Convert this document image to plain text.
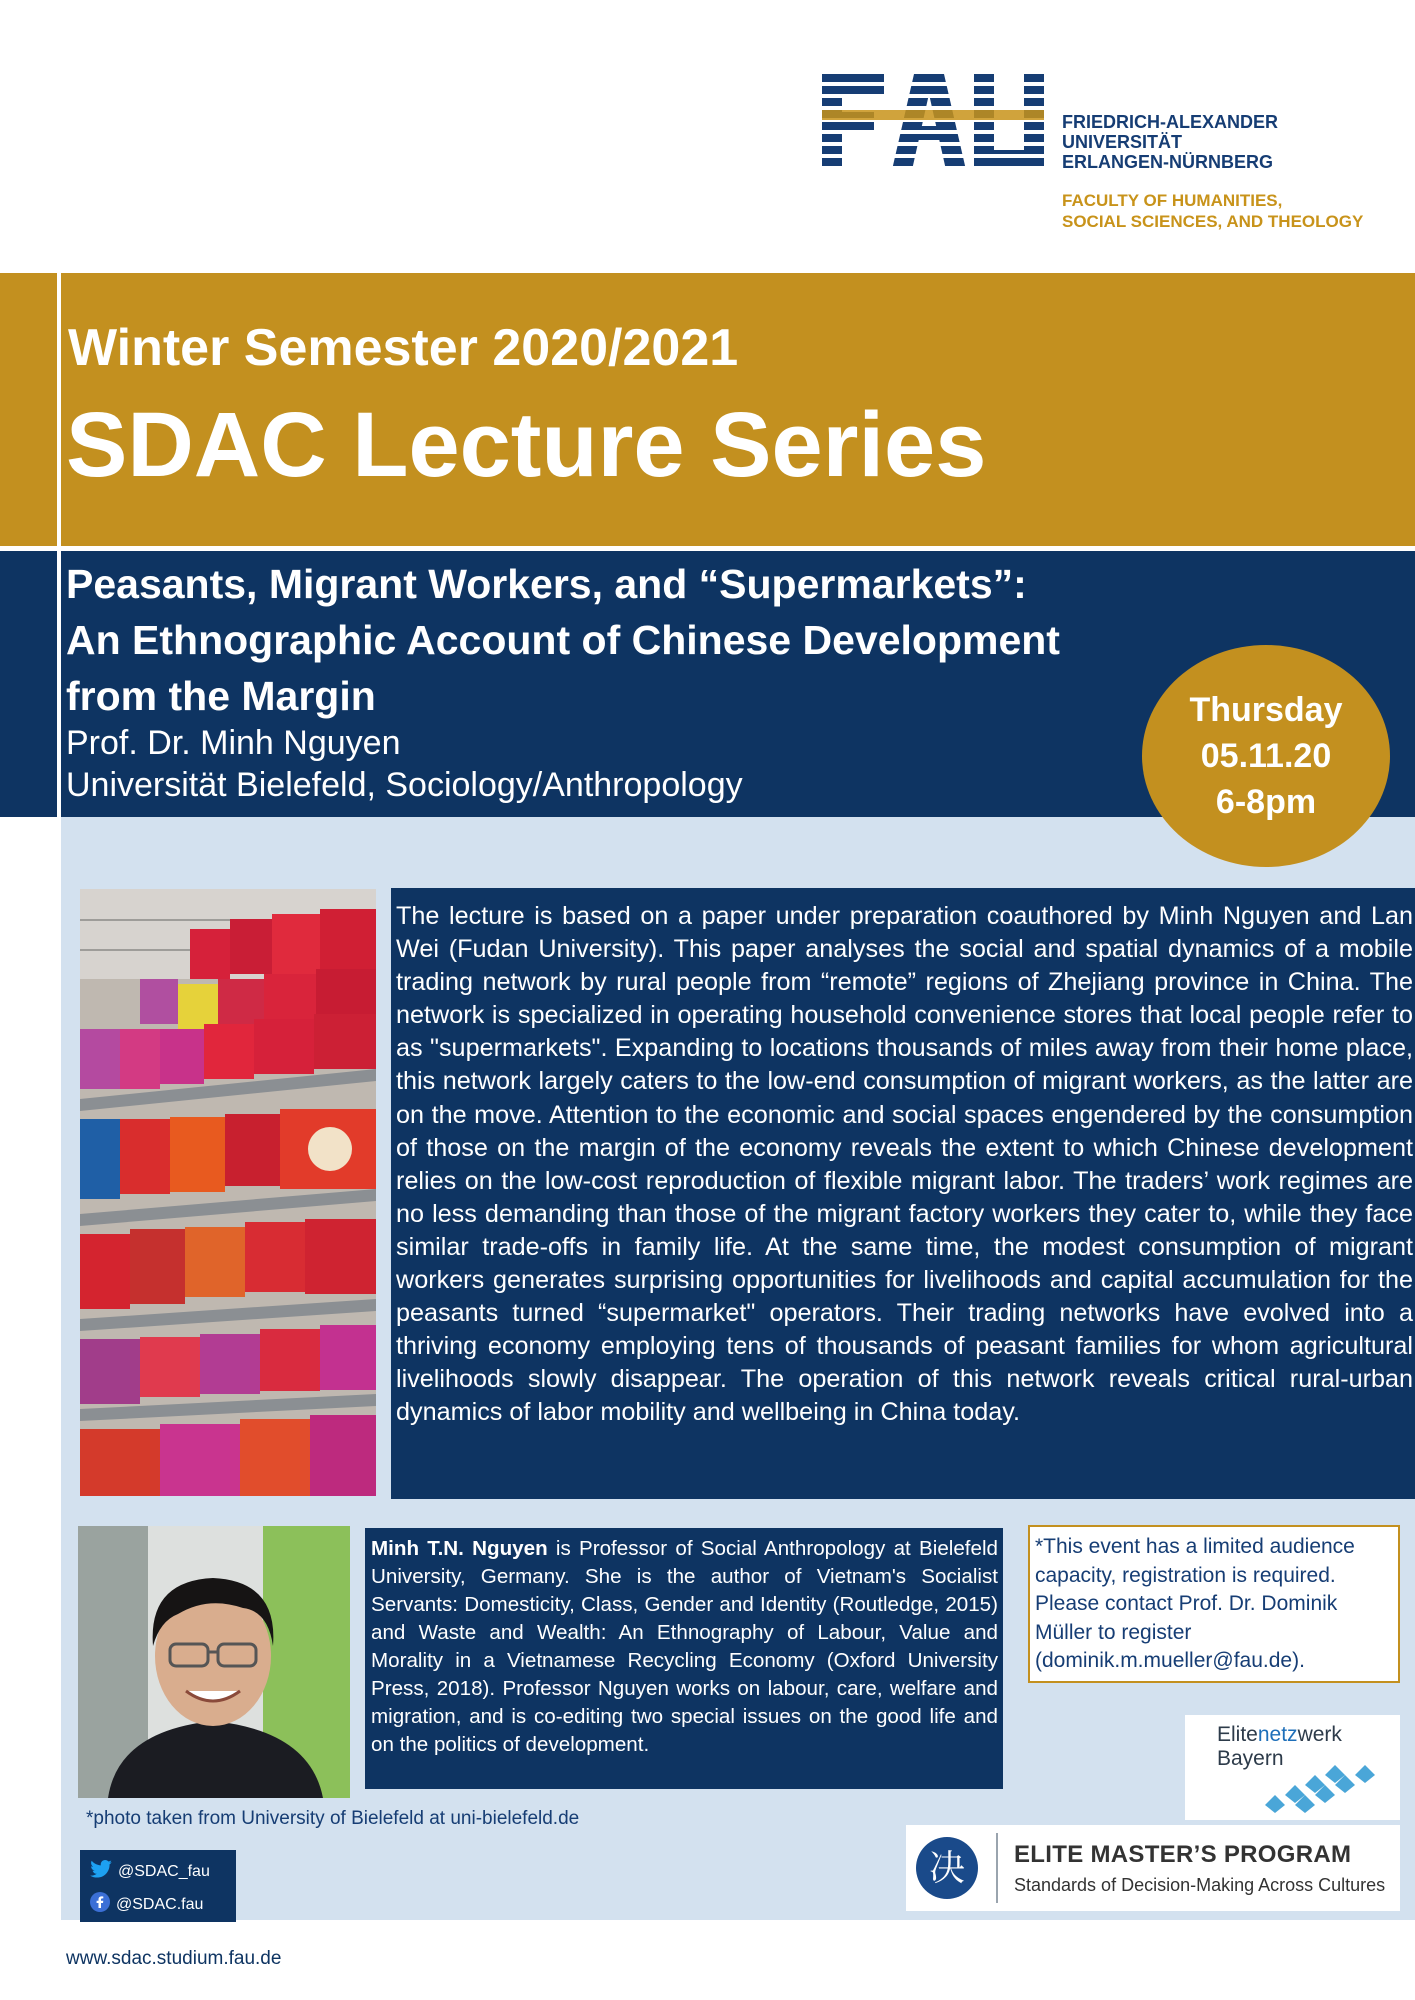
FRIEDRICH-ALEXANDER
UNIVERSITÄT
ERLANGEN-NÜRNBERG
FACULTY OF HUMANITIES,
SOCIAL SCIENCES, AND THEOLOGY
Winter Semester 2020/2021
SDAC Lecture Series
Peasants, Migrant Workers, and “Supermarkets”:
An Ethnographic Account of Chinese Development
from the Margin
Prof. Dr. Minh Nguyen
Universität Bielefeld, Sociology/Anthropology
Thursday
05.11.20
6-8pm
The lecture is based on a paper under preparation coauthored by Minh Nguyen and Lan Wei (Fudan University). This paper analyses the social and spatial dynamics of a mobile trading network by rural people from “remote” regions of Zhejiang province in China. The network is specialized in operating household convenience stores that local people refer to as "supermarkets". Expanding to locations thousands of miles away from their home place, this network largely caters to the low-end consumption of migrant workers, as the latter are on the move. Attention to the economic and social spaces engendered by the consumption of those on the margin of the economy reveals the extent to which Chinese development relies on the low-cost reproduction of flexible migrant labor. The traders’ work regimes are no less demanding than those of the migrant factory workers they cater to, while they face similar trade-offs in family life. At the same time, the modest consumption of migrant workers generates surprising opportunities for livelihoods and capital accumulation for the peasants turned “supermarket" operators. Their trading networks have evolved into a thriving economy employing tens of thousands of peasant families for whom agricultural livelihoods slowly disappear. The operation of this network reveals critical rural-urban dynamics of labor mobility and wellbeing in China today.
Minh T.N. Nguyen is Professor of Social Anthropology at Bielefeld University, Germany. She is the author of Vietnam's Socialist Servants: Domesticity, Class, Gender and Identity (Routledge, 2015) and Waste and Wealth: An Ethnography of Labour, Value and Morality in a Vietnamese Recycling Economy (Oxford University Press, 2018). Professor Nguyen works on labour, care, welfare and migration, and is co-editing two special issues on the good life and on the politics of development.
*This event has a limited audience capacity, registration is required. Please contact Prof. Dr. Dominik Müller to register (dominik.m.mueller@fau.de).
*photo taken from University of Bielefeld at uni-bielefeld.de
@SDAC_fau
@SDAC.fau
www.sdac.studium.fau.de
Elitenetzwerk
Bayern
决	ELITE MASTER’S PROGRAM
Standards of Decision-Making Across Cultures
